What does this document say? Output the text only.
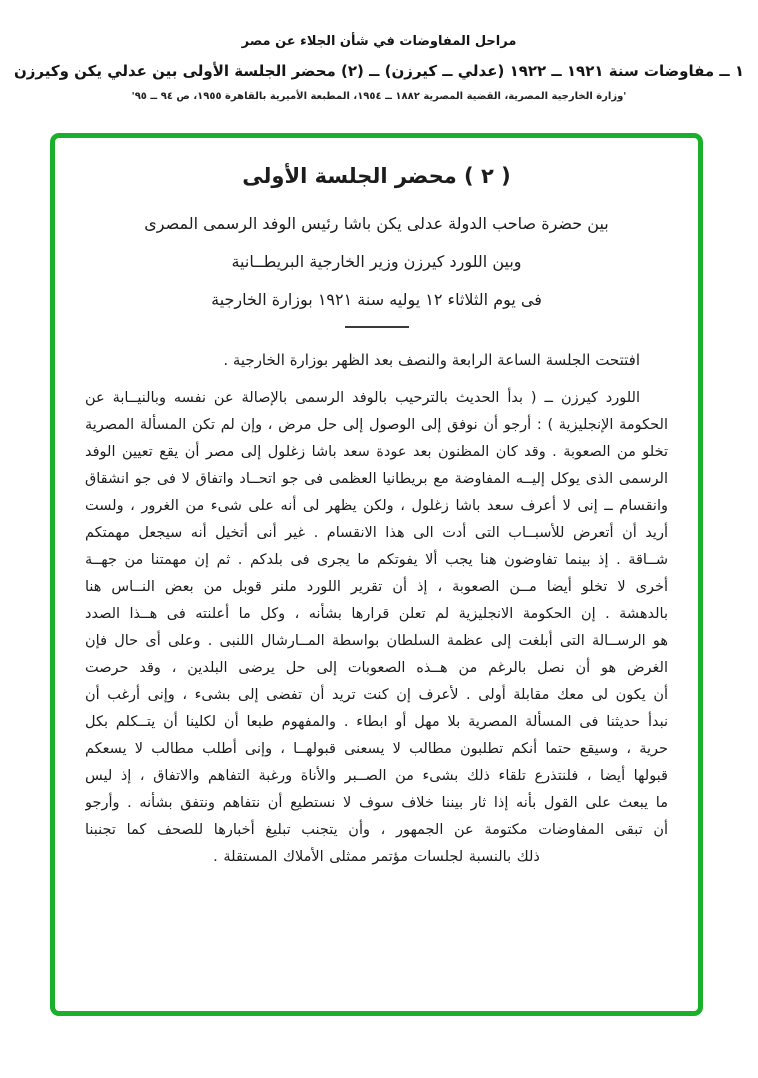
مراحل المفاوضات في شأن الجلاء عن مصر
١ ــ مفاوضات سنة ١٩٢١ ــ ١٩٢٢ (عدلي ــ كيرزن) ــ (٢) محضر الجلسة الأولى بين عدلي يكن وكيرزن
'وزارة الخارجية المصرية، القضية المصرية ١٨٨٢ ــ ١٩٥٤، المطبعة الأميرية بالقاهرة ١٩٥٥، ص ٩٤ ــ ٩٥'
( ٢ ) محضر الجلسة الأولى
بين حضرة صاحب الدولة عدلى يكن باشا رئيس الوفد الرسمى المصرى
وبين اللورد كيرزن وزير الخارجية البريطــانية
فى يوم الثلاثاء ١٢ يوليه سنة ١٩٢١ بوزارة الخارجية

افتتحت الجلسة الساعة الرابعة والنصف بعد الظهر بوزارة الخارجية .

اللورد كيرزن ــ ( بدأ الحديث بالترحيب بالوفد الرسمى بالإصالة عن نفسه وبالنيــابة عن
الحكومة الإنجليزية ) : أرجو أن نوفق إلى الوصول إلى حل مرض ، وإن لم تكن المسألة المصرية
تخلو من الصعوبة . وقد كان المظنون بعد عودة سعد باشا زغلول إلى مصر أن يقع تعيين الوفد
الرسمى الذى يوكل إليــه المفاوضة مع بريطانيا العظمى فى جو اتحــاد واتفاق لا فى جو انشقاق
وانقسام ــ إنى لا أعرف سعد باشا زغلول ، ولكن يظهر لى أنه على شىء من الغرور ، ولست
أريد أن أتعرض للأسبــاب التى أدت الى هذا الانقسام . غير أنى أتخيل أنه سيجعل مهمتكم
شــاقة . إذ بينما تفاوضون هنا يجب ألا يفوتكم ما يجرى فى بلدكم . ثم إن مهمتنا من جهــة
أخرى لا تخلو أيضا مــن الصعوبة ، إذ أن تقرير اللورد ملنر قوبل من بعض النــاس هنا
بالدهشة . إن الحكومة الانجليزية لم تعلن قرارها بشأنه ، وكل ما أعلنته فى هــذا الصدد
هو الرســالة التى أبلغت إلى عظمة السلطان بواسطة المــارشال اللنبى . وعلى أى حال فإن
الغرض هو أن نصل بالرغم من هــذه الصعوبات إلى حل يرضى البلدين ، وقد حرصت
أن يكون لى معك مقابلة أولى . لأعرف إن كنت تريد أن تفضى إلى بشىء ، وإنى أرغب أن
نبدأ حديثنا فى المسألة المصرية بلا مهل أو ابطاء . والمفهوم طبعا أن لكلينا أن يتــكلم بكل
حرية ، وسيقع حتما أنكم تطلبون مطالب لا يسعنى قبولهــا ، وإنى أطلب مطالب لا يسعكم
قبولها أيضا ، فلنتذرع تلقاء ذلك بشىء من الصــبر والأناة ورغبة التفاهم والاتفاق ، إذ ليس
ما يبعث على القول بأنه إذا ثار بيننا خلاف سوف لا نستطيع أن نتفاهم ونتفق بشأنه . وأرجو
أن تبقى المفاوضات مكتومة عن الجمهور ، وأن يتجنب تبليغ أخبارها للصحف كما تجنبنا
ذلك بالنسبة لجلسات مؤتمر ممثلى الأملاك المستقلة .
